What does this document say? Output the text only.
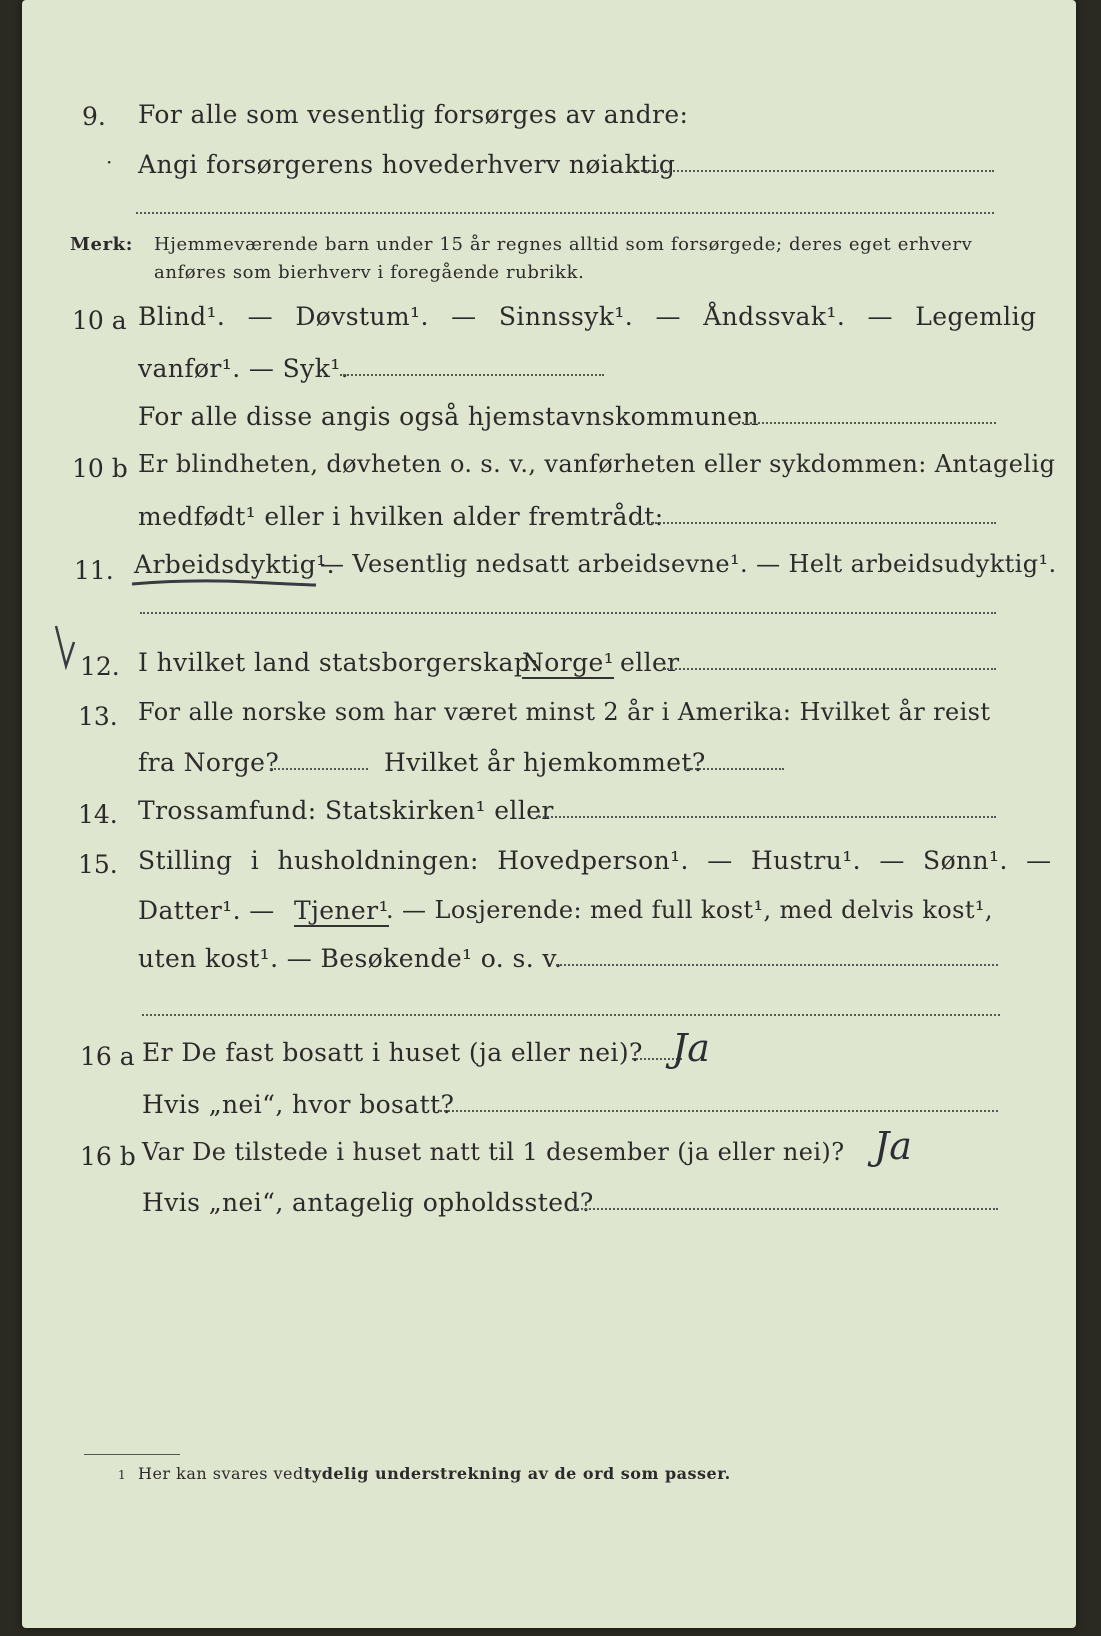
9. For alle som vesentlig forsørges av andre:
· Angi forsørgerens hovederhverv nøiaktig
Merk: Hjemmeværende barn under 15 år regnes alltid som forsørgede; deres eget erhverv
anføres som bierhverv i foregående rubrikk.
10 a Blind¹. — Døvstum¹. — Sinnssyk¹. — Åndssvak¹. — Legemlig
vanfør¹. — Syk¹.
For alle disse angis også hjemstavnskommunen
10 b Er blindheten, døvheten o. s. v., vanførheten eller sykdommen: Antagelig
medfødt¹ eller i hvilken alder fremtrådt:
11. Arbeidsdyktig¹.
— Vesentlig nedsatt arbeidsevne¹. — Helt arbeidsudyktig¹.
12. I hvilket land statsborgerskap:
Norge¹ eller
13. For alle norske som har været minst 2 år i Amerika: Hvilket år reist
fra Norge?	Hvilket år hjemkommet?
14. Trossamfund: Statskirken¹ eller
15. Stilling i husholdningen: Hovedperson¹. — Hustru¹. — Sønn¹. —
Datter¹. — Tjener¹
. — Losjerende: med full kost¹, med delvis kost¹,
uten kost¹. — Besøkende¹ o. s. v.
16 a Er De fast bosatt i huset (ja eller nei)? Ja
Hvis „nei“, hvor bosatt?
16 b Var De tilstede i huset natt til 1 desember (ja eller nei)? Ja
Hvis „nei“, antagelig opholdssted?
1 Her kan svares ved tydelig understrekning av de ord som passer.
